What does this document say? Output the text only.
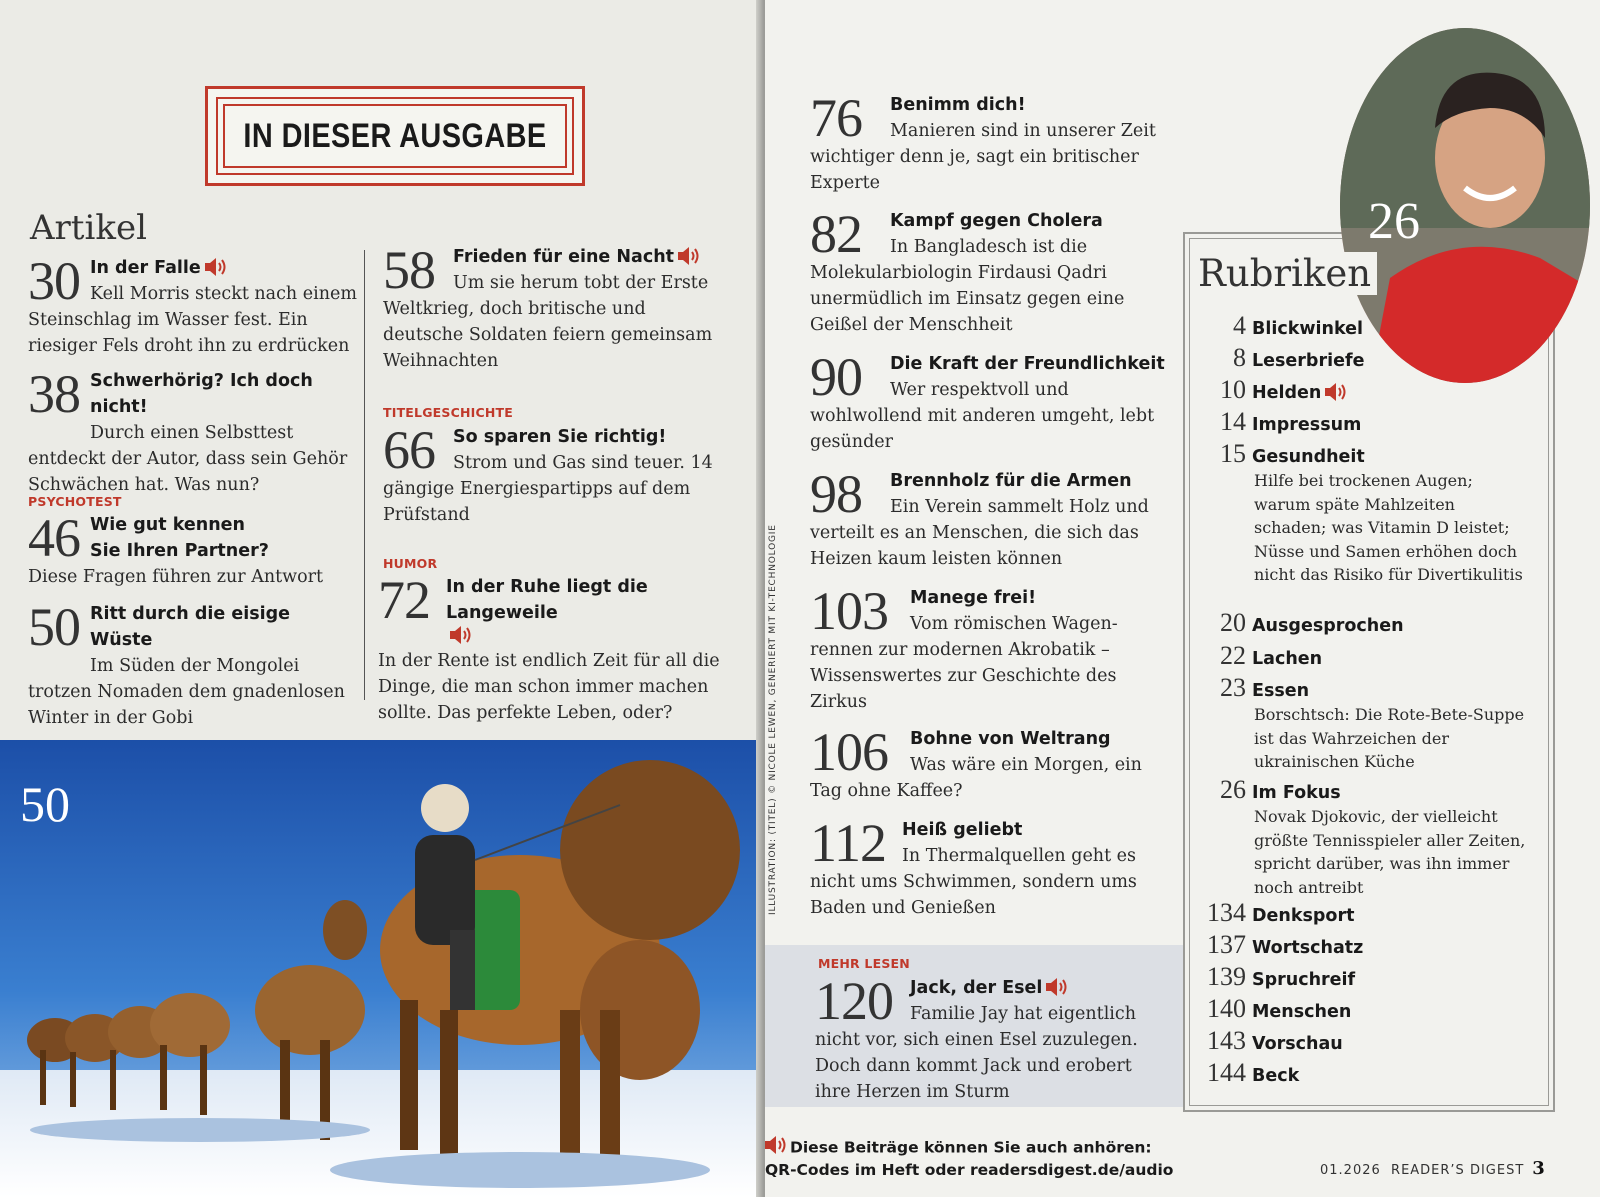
IN DIESER AUSGABE
Artikel
30 In der Falle
Kell Morris steckt nach einem Steinschlag im Wasser fest. Ein riesiger Fels droht ihn zu erdrücken
38 Schwerhörig? Ich doch nicht!
Durch einen Selbsttest entdeckt der Autor, dass sein Gehör Schwächen hat. Was nun?
PSYCHOTEST
46 Wie gut kennen Sie Ihren Partner?
Diese Fragen führen zur Antwort
50 Ritt durch die eisige Wüste
Im Süden der Mongolei trotzen Nomaden dem gnadenlosen Winter in der Gobi
58	Frieden für eine Nacht
Um sie herum tobt der Erste Weltkrieg, doch britische und deutsche Soldaten feiern gemeinsam Weihnachten
TITELGESCHICHTE
66	So sparen Sie richtig!
Strom und Gas sind teuer. 14 gängige Energiespartipps auf dem Prüfstand
HUMOR
72 In der Ruhe liegt die Langeweile
In der Rente ist endlich Zeit für all die Dinge, die man schon immer machen sollte. Das perfekte Leben, oder?
50	ILLUSTRATION: (TITEL) © NICOLE LEWEN, GENERIERT MIT KI-TECHNOLOGIE
76	Benimm dich!
Manieren sind in unserer Zeit wichtiger denn je, sagt ein britischer Experte
82	Kampf gegen Cholera
In Bangladesch ist die Molekularbiologin Firdausi Qadri unermüdlich im Einsatz gegen eine Geißel der Menschheit
90	Die Kraft der Freundlichkeit
Wer respektvoll und wohlwollend mit anderen umgeht, lebt gesünder
98	Brennholz für die Armen
Ein Verein sammelt Holz und verteilt es an Menschen, die sich das Heizen kaum leisten können
103	Manege frei!
Vom römischen Wagen-rennen zur modernen Akrobatik – Wissenswertes zur Geschichte des Zirkus
106	Bohne von Weltrang
Was wäre ein Morgen, ein Tag ohne Kaffee?
112 Heiß geliebt
In Thermalquellen geht es nicht ums Schwimmen, sondern ums Baden und Genießen
MEHR LESEN
120 Jack, der Esel
Familie Jay hat eigentlich nicht vor, sich einen Esel zuzulegen. Doch dann kommt Jack und erobert ihre Herzen im Sturm
26
Rubriken
4 Blickwinkel
8 Leserbriefe
10 Helden
14 Impressum
15 Gesundheit
Hilfe bei trockenen Augen; warum späte Mahlzeiten schaden; was Vitamin D leistet; Nüsse und Samen erhöhen doch nicht das Risiko für Divertikulitis
20 Ausgesprochen
22 Lachen
23 Essen
Borschtsch: Die Rote-Bete-Suppe ist das Wahrzeichen der ukrainischen Küche
26 Im Fokus
Novak Djokovic, der vielleicht größte Tennisspieler aller Zeiten, spricht darüber, was ihn immer noch antreibt
134 Denksport
137 Wortschatz
139 Spruchreif
140 Menschen
143 Vorschau
144 Beck
Diese Beiträge können Sie auch anhören:
QR-Codes im Heft oder readersdigest.de/audio	01.2026 READER’S DIGEST 3
